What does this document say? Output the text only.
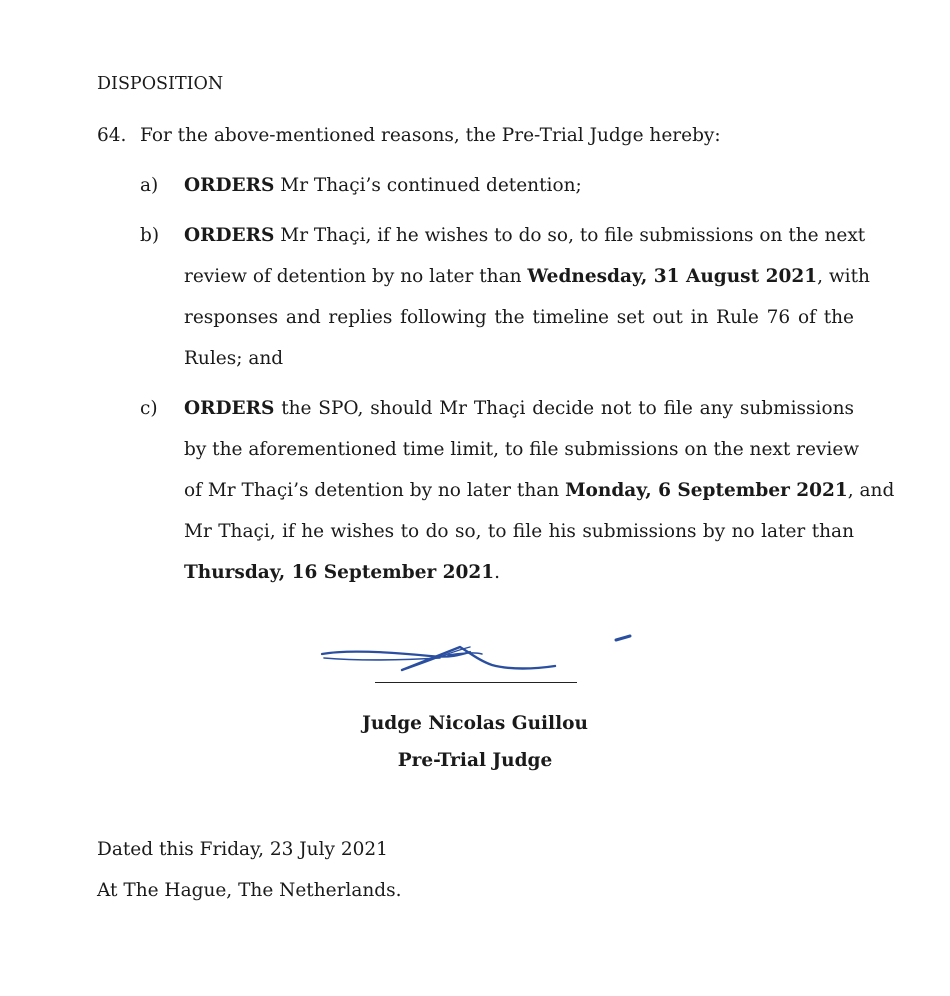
DISPOSITION
64. For the above-mentioned reasons, the Pre-Trial Judge hereby:
a) ORDERS Mr Thaçi’s continued detention;
b) ORDERS Mr Thaçi, if he wishes to do so, to file submissions on the next
review of detention by no later than Wednesday, 31 August 2021, with
responses and replies following the timeline set out in Rule 76 of the
Rules; and
c) ORDERS the SPO, should Mr Thaçi decide not to file any submissions
by the aforementioned time limit, to file submissions on the next review
of Mr Thaçi’s detention by no later than Monday, 6 September 2021, and
Mr Thaçi, if he wishes to do so, to file his submissions by no later than
Thursday, 16 September 2021.
Judge Nicolas Guillou
Pre-Trial Judge
Dated this Friday, 23 July 2021
At The Hague, The Netherlands.
